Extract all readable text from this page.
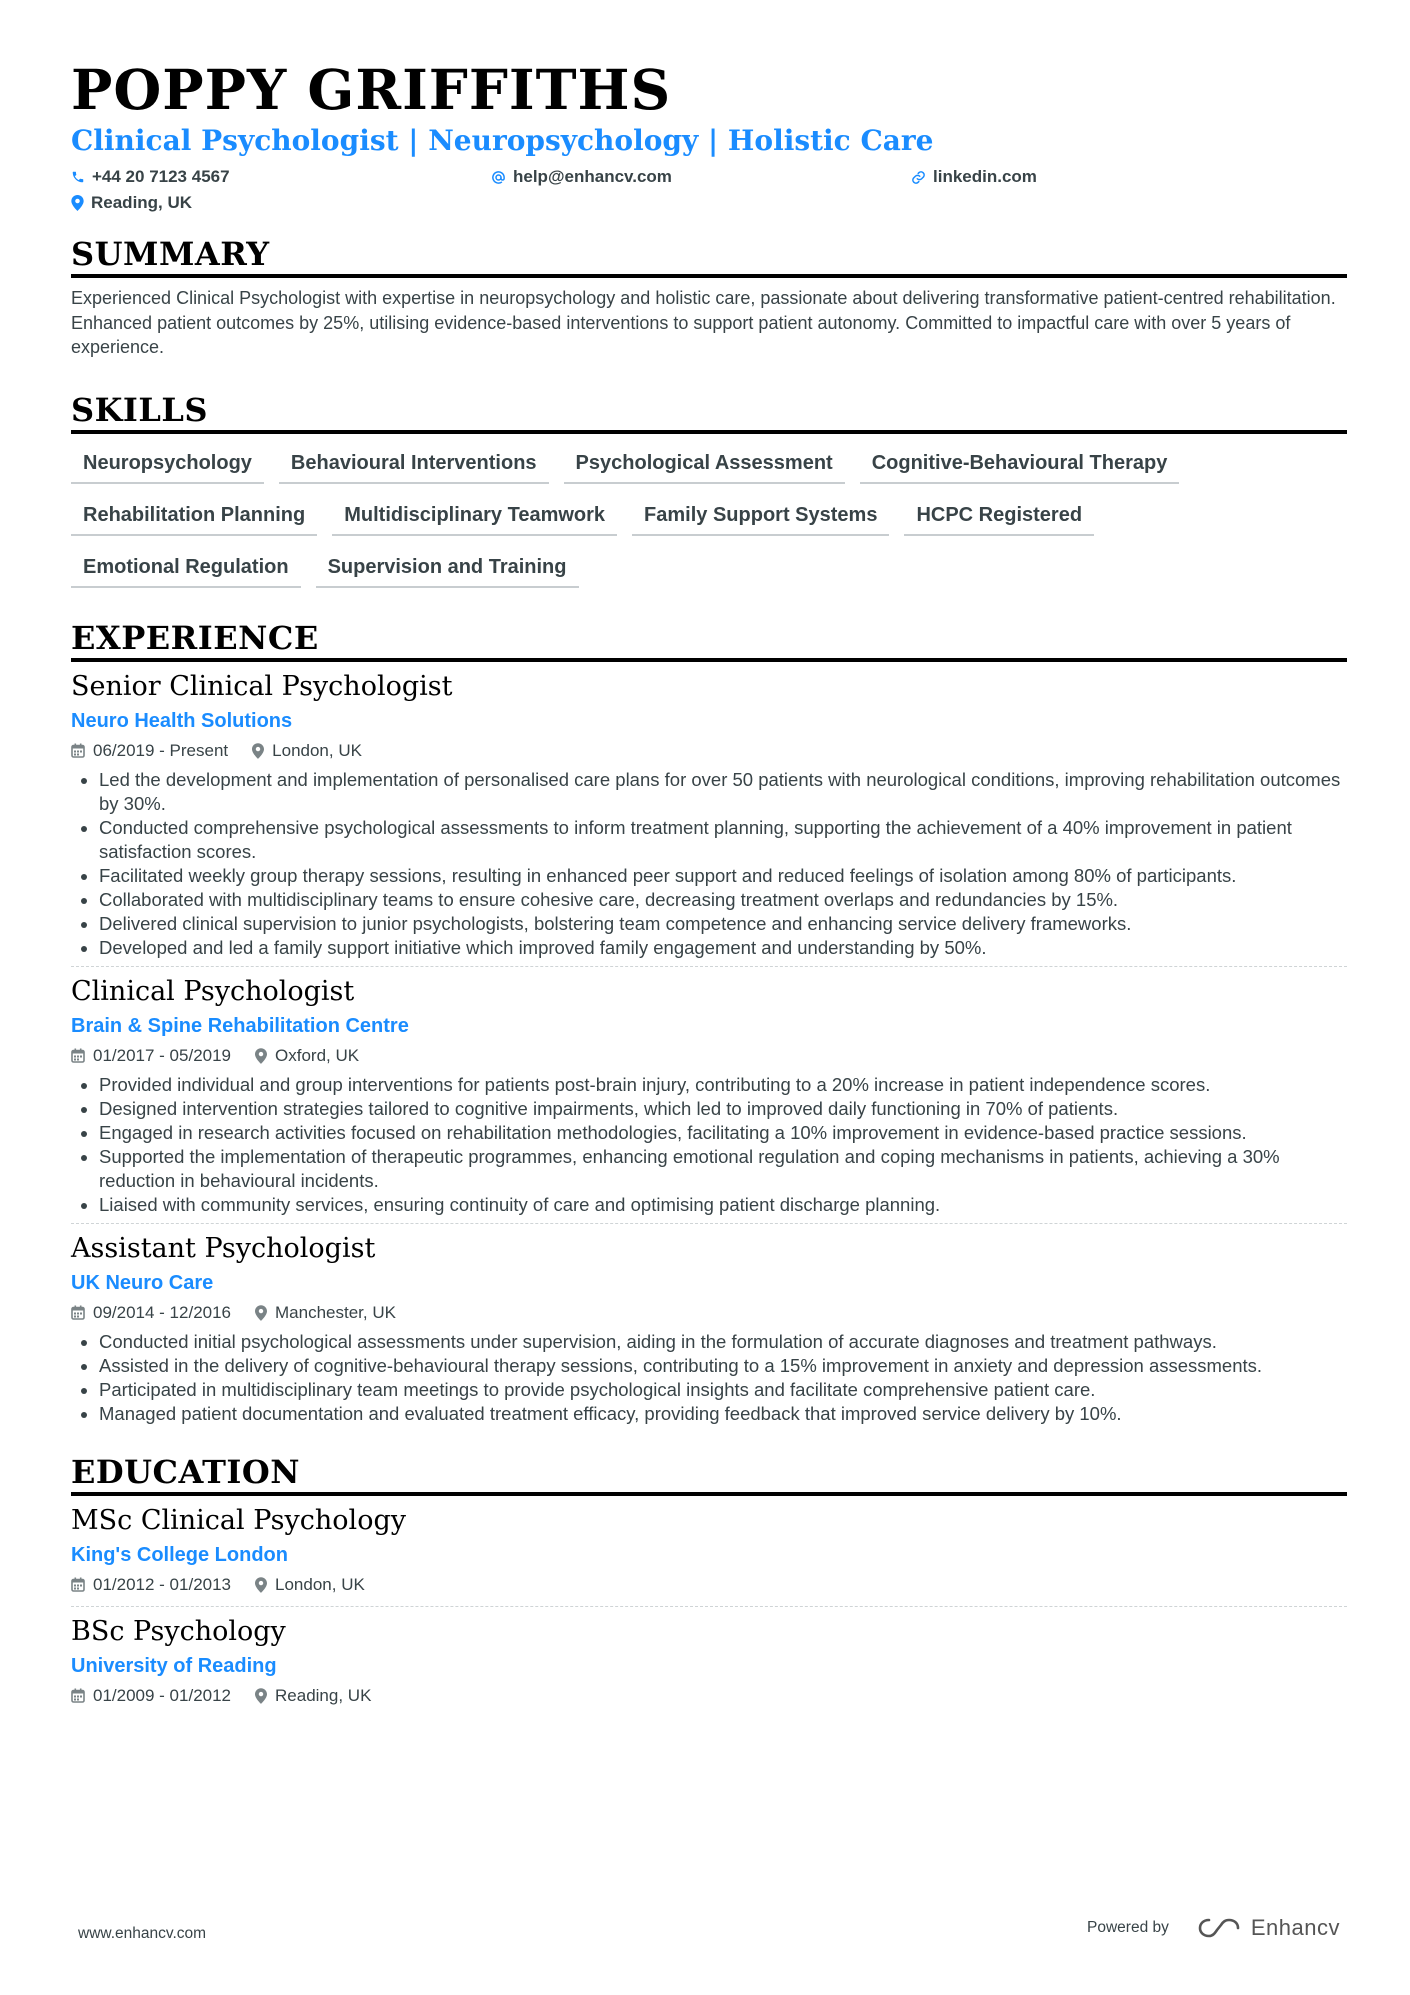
POPPY GRIFFITHS
Clinical Psychologist | Neuropsychology | Holistic Care
+44 20 7123 4567	help@enhancv.com	linkedin.com
Reading, UK
SUMMARY
Experienced Clinical Psychologist with expertise in neuropsychology and holistic care, passionate about delivering transformative patient-centred rehabilitation. Enhanced patient outcomes by 25%, utilising evidence-based interventions to support patient autonomy. Committed to impactful care with over 5 years of experience.
SKILLS
Neuropsychology	Behavioural Interventions	Psychological Assessment	Cognitive-Behavioural Therapy
Rehabilitation Planning	Multidisciplinary Teamwork	Family Support Systems	HCPC Registered
Emotional Regulation	Supervision and Training
EXPERIENCE
Senior Clinical Psychologist
Neuro Health Solutions
06/2019 - Present	London, UK
• Led the development and implementation of personalised care plans for over 50 patients with neurological conditions, improving rehabilitation outcomes by 30%.
• Conducted comprehensive psychological assessments to inform treatment planning, supporting the achievement of a 40% improvement in patient satisfaction scores.
• Facilitated weekly group therapy sessions, resulting in enhanced peer support and reduced feelings of isolation among 80% of participants.
• Collaborated with multidisciplinary teams to ensure cohesive care, decreasing treatment overlaps and redundancies by 15%.
• Delivered clinical supervision to junior psychologists, bolstering team competence and enhancing service delivery frameworks.
• Developed and led a family support initiative which improved family engagement and understanding by 50%.
Clinical Psychologist
Brain & Spine Rehabilitation Centre
01/2017 - 05/2019	Oxford, UK
• Provided individual and group interventions for patients post-brain injury, contributing to a 20% increase in patient independence scores.
• Designed intervention strategies tailored to cognitive impairments, which led to improved daily functioning in 70% of patients.
• Engaged in research activities focused on rehabilitation methodologies, facilitating a 10% improvement in evidence-based practice sessions.
• Supported the implementation of therapeutic programmes, enhancing emotional regulation and coping mechanisms in patients, achieving a 30% reduction in behavioural incidents.
• Liaised with community services, ensuring continuity of care and optimising patient discharge planning.
Assistant Psychologist
UK Neuro Care
09/2014 - 12/2016	Manchester, UK
• Conducted initial psychological assessments under supervision, aiding in the formulation of accurate diagnoses and treatment pathways.
• Assisted in the delivery of cognitive-behavioural therapy sessions, contributing to a 15% improvement in anxiety and depression assessments.
• Participated in multidisciplinary team meetings to provide psychological insights and facilitate comprehensive patient care.
• Managed patient documentation and evaluated treatment efficacy, providing feedback that improved service delivery by 10%.
EDUCATION
MSc Clinical Psychology
King's College London
01/2012 - 01/2013	London, UK
BSc Psychology
University of Reading
01/2009 - 01/2012	Reading, UK
www.enhancv.com	Powered by	Enhancv
